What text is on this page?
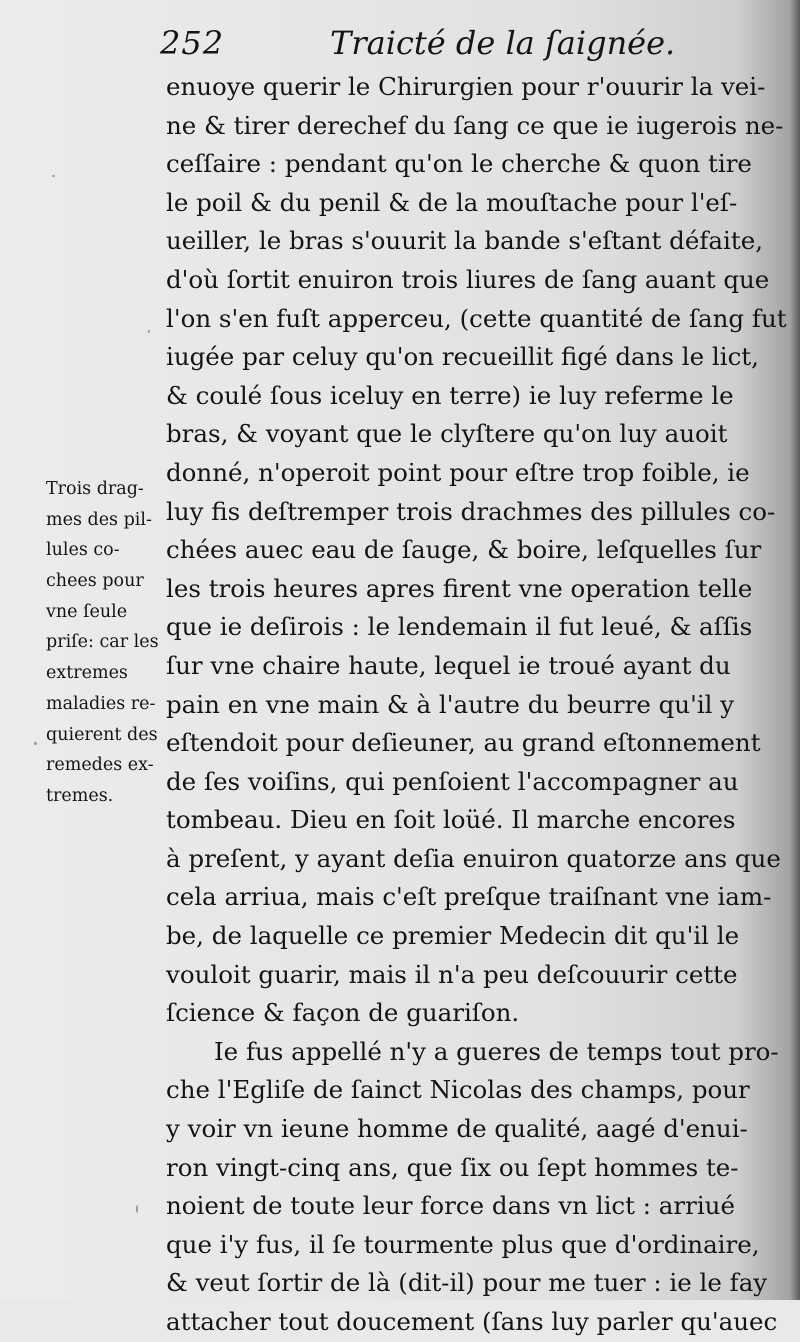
252	Traicté de la ſaignée.
enuoye querir le Chirurgien pour r'ouurir la vei-
ne & tirer derechef du ſang ce que ie iugerois ne-
ceſſaire : pendant qu'on le cherche & quon tire
le poil & du penil & de la mouſtache pour l'eſ-
ueiller, le bras s'ouurit la bande s'eſtant défaite,
d'où ſortit enuiron trois liures de ſang auant que
l'on s'en fuſt apperceu, (cette quantité de ſang fut
iugée par celuy qu'on recueillit figé dans le lict,
& coulé ſous iceluy en terre) ie luy referme le
bras, & voyant que le clyſtere qu'on luy auoit
donné, n'operoit point pour eſtre trop foible, ie
luy fis deſtremper trois drachmes des pillules co-
chées auec eau de ſauge, & boire, leſquelles ſur
les trois heures apres firent vne operation telle
que ie deſirois : le lendemain il fut leué, & aſſis
ſur vne chaire haute, lequel ie troué ayant du
pain en vne main & à l'autre du beurre qu'il y
eſtendoit pour deſieuner, au grand eſtonnement
de ſes voiſins, qui penſoient l'accompagner au
tombeau. Dieu en ſoit loüé. Il marche encores
à preſent, y ayant deſia enuiron quatorze ans que
cela arriua, mais c'eſt preſque traiſnant vne iam-
be, de laquelle ce premier Medecin dit qu'il le
vouloit guarir, mais il n'a peu deſcouurir cette
ſcience & façon de guariſon.
Ie fus appellé n'y a gueres de temps tout pro-
che l'Egliſe de ſainct Nicolas des champs, pour
y voir vn ieune homme de qualité, aagé d'enui-
ron vingt-cinq ans, que ſix ou ſept hommes te-
noient de toute leur force dans vn lict : arriué
que i'y fus, il ſe tourmente plus que d'ordinaire,
& veut ſortir de là (dit-il) pour me tuer : ie le fay
attacher tout doucement (ſans luy parler qu'auec
Trois drag-
mes des pil-
lules co-
chees pour
vne ſeule
priſe: car les
extremes
maladies re-
quierent des
remedes ex-
tremes.
